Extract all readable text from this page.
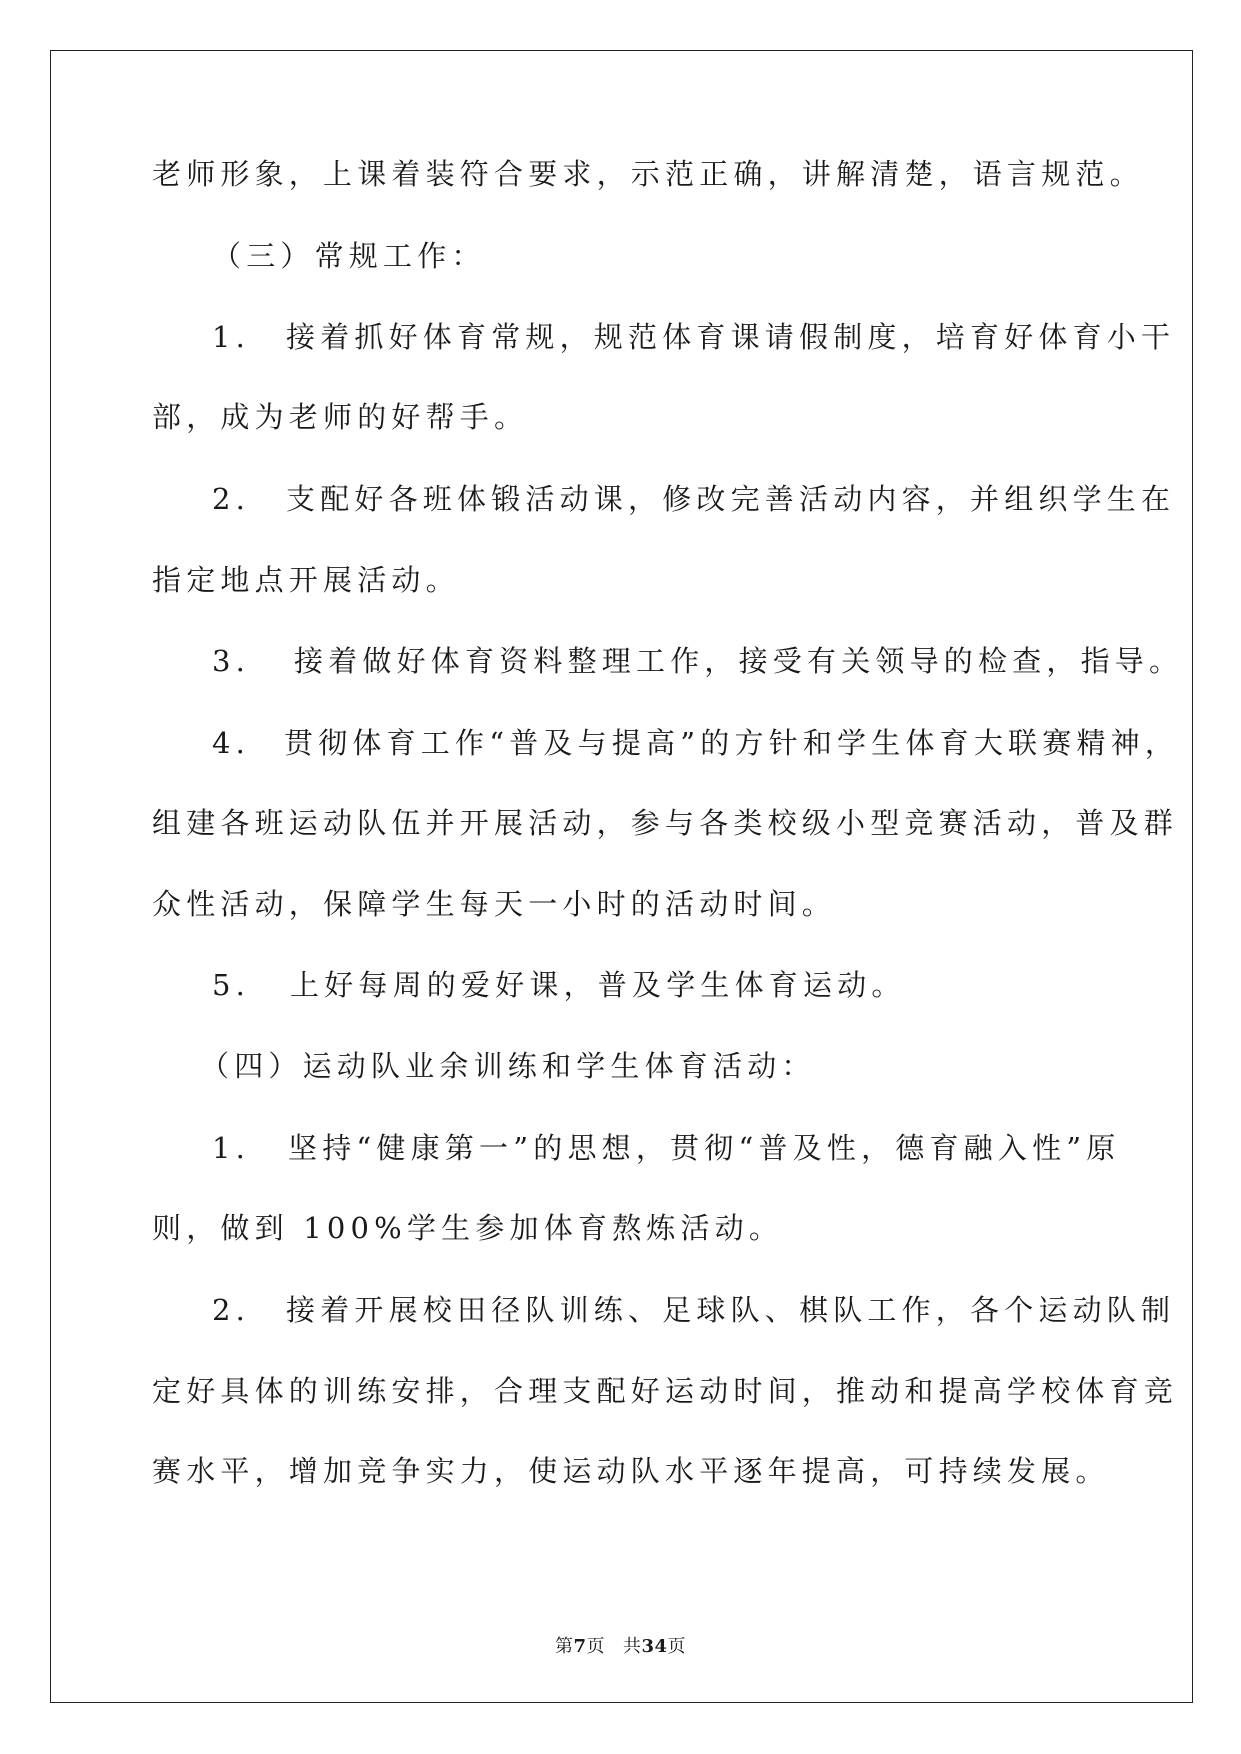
老师形象，上课着装符合要求，示范正确，讲解清楚，语言规范。
（三）常规工作：
1. 接着抓好体育常规，规范体育课请假制度，培育好体育小干
部，成为老师的好帮手。
2. 支配好各班体锻活动课，修改完善活动内容，并组织学生在
指定地点开展活动。
3. 接着做好体育资料整理工作，接受有关领导的检查，指导。
4. 贯彻体育工作“普及与提高”的方针和学生体育大联赛精神，
组建各班运动队伍并开展活动，参与各类校级小型竞赛活动，普及群
众性活动，保障学生每天一小时的活动时间。
5. 上好每周的爱好课，普及学生体育运动。
（四）运动队业余训练和学生体育活动：
1. 坚持“健康第一”的思想，贯彻“普及性，德育融入性”原
则，做到 100%学生参加体育熬炼活动。
2. 接着开展校田径队训练、足球队、棋队工作，各个运动队制
定好具体的训练安排，合理支配好运动时间，推动和提高学校体育竞
赛水平，增加竞争实力，使运动队水平逐年提高，可持续发展。
第7页 共34页
